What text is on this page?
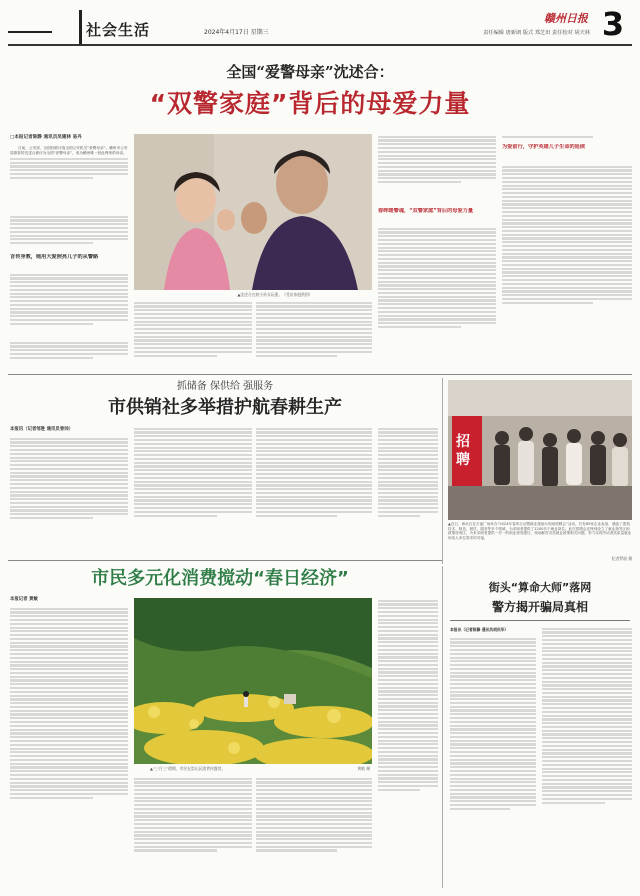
社会生活	2024年4月17日 星期三	责任编辑 唐新朗 版式 郑芝田 责任校对 胡天林
赣州日报 3
全国“爱警母亲”沈述合：
“双警家庭”背后的母爱力量
□本报记者陈静 通讯员吴建林 易丹

日前，公安部、全国妇联评选全国公安机关“爱警母亲”。赣州市公安局推荐的沈述合被评为全国“爱警母亲”，成为赣州唯一获此殊荣的母亲。

言传身教，她用大爱照亮儿子的从警路
▲沈述合在陪小孙女玩耍。（受访家庭供图）
春晖暖警魂，“双警家庭”背后的母爱力量
为爱前行，守护英雄儿子生命的延续
抓储备 保供给 强服务
市供销社多举措护航春耕生产
本报讯（记者邹胜 通讯员曾帅）
招
聘
▲近日，章贡区在万福广场举办“2024年春风行动暨就业援助月现场招聘会”活动，共有85家企业参加，涵盖了建筑技术、制造、餐饮、服务等多个领域，为求职者提供了1200多个就业岗位。此次招聘会还特别设立了就业指导区和政策咨询区，为来求职者提供一对一的职业规划建议，现场解答各类就业政策相关问题，努力实现劳动者高质量就业和用人单位需求的对接。
纪者罗丽 摄
市民多元化消费搅动“春日经济”
本报记者 黄敏
▲“三月三”假期，市民在崇山区游赏村露营。	黄敏 摄
街头“算命大师”落网
警方揭开骗局真相
本报讯（记者陈静 通讯员胡庆华）
